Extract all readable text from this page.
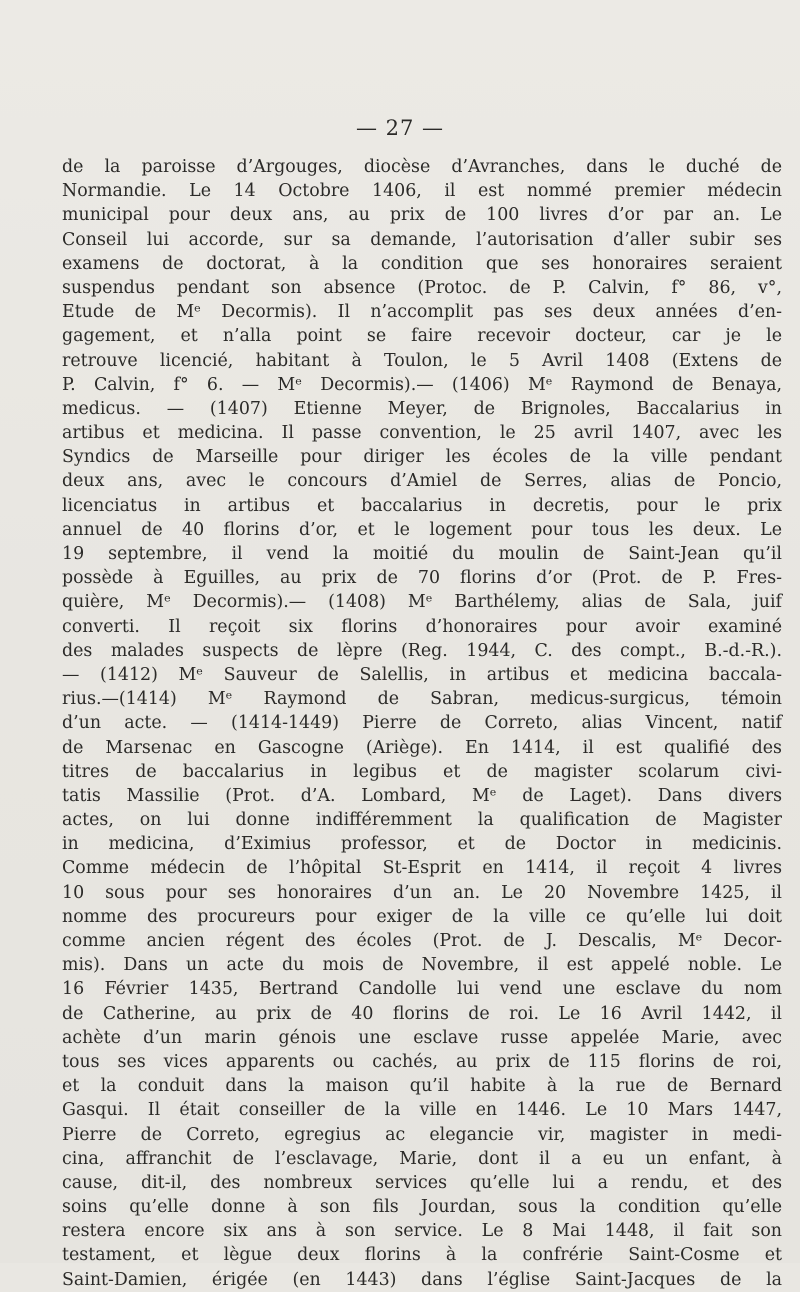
— 27 —
de la paroisse d’Argouges, diocèse d’Avranches, dans le duché de
Normandie. Le 14 Octobre 1406, il est nommé premier médecin
municipal pour deux ans, au prix de 100 livres d’or par an. Le
Conseil lui accorde, sur sa demande, l’autorisation d’aller subir ses
examens de doctorat, à la condition que ses honoraires seraient
suspendus pendant son absence (Protoc. de P. Calvin, f° 86, v°,
Etude de Mᵉ Decormis). Il n’accomplit pas ses deux années d’en-
gagement, et n’alla point se faire recevoir docteur, car je le
retrouve licencié, habitant à Toulon, le 5 Avril 1408 (Extens de
P. Calvin, f° 6. — Mᵉ Decormis).— (1406) Mᵉ Raymond de Benaya,
medicus. — (1407) Etienne Meyer, de Brignoles, Baccalarius in
artibus et medicina. Il passe convention, le 25 avril 1407, avec les
Syndics de Marseille pour diriger les écoles de la ville pendant
deux ans, avec le concours d’Amiel de Serres, alias de Poncio,
licenciatus in artibus et baccalarius in decretis, pour le prix
annuel de 40 florins d’or, et le logement pour tous les deux. Le
19 septembre, il vend la moitié du moulin de Saint-Jean qu’il
possède à Eguilles, au prix de 70 florins d’or (Prot. de P. Fres-
quière, Mᵉ Decormis).— (1408) Mᵉ Barthélemy, alias de Sala, juif
converti. Il reçoit six florins d’honoraires pour avoir examiné
des malades suspects de lèpre (Reg. 1944, C. des compt., B.-d.-R.).
— (1412) Mᵉ Sauveur de Salellis, in artibus et medicina baccala-
rius.—(1414) Mᵉ Raymond de Sabran, medicus-surgicus, témoin
d’un acte. — (1414-1449) Pierre de Corretо, alias Vincent, natif
de Marsenac en Gascogne (Ariège). En 1414, il est qualifié des
titres de baccalarius in legibus et de magister scolarum civi-
tatis Massilie (Prot. d’A. Lombard, Mᵉ de Laget). Dans divers
actes, on lui donne indifféremment la qualification de Magister
in medicina, d’Eximius professor, et de Doctor in medicinis.
Comme médecin de l’hôpital St-Esprit en 1414, il reçoit 4 livres
10 sous pour ses honoraires d’un an. Le 20 Novembre 1425, il
nomme des procureurs pour exiger de la ville ce qu’elle lui doit
comme ancien régent des écoles (Prot. de J. Descalis, Mᵉ Decor-
mis). Dans un acte du mois de Novembre, il est appelé noble. Le
16 Février 1435, Bertrand Candolle lui vend une esclave du nom
de Catherine, au prix de 40 florins de roi. Le 16 Avril 1442, il
achète d’un marin génois une esclave russe appelée Marie, avec
tous ses vices apparents ou cachés, au prix de 115 florins de roi,
et la conduit dans la maison qu’il habite à la rue de Bernard
Gasqui. Il était conseiller de la ville en 1446. Le 10 Mars 1447,
Pierre de Corretо, egregius ac elegancie vir, magister in medi-
cina, affranchit de l’esclavage, Marie, dont il a eu un enfant, à
cause, dit-il, des nombreux services qu’elle lui a rendu, et des
soins qu’elle donne à son fils Jourdan, sous la condition qu’elle
restera encore six ans à son service. Le 8 Mai 1448, il fait son
testament, et lègue deux florins à la confrérie Saint-Cosme et
Saint-Damien, érigée (en 1443) dans l’église Saint-Jacques de la
